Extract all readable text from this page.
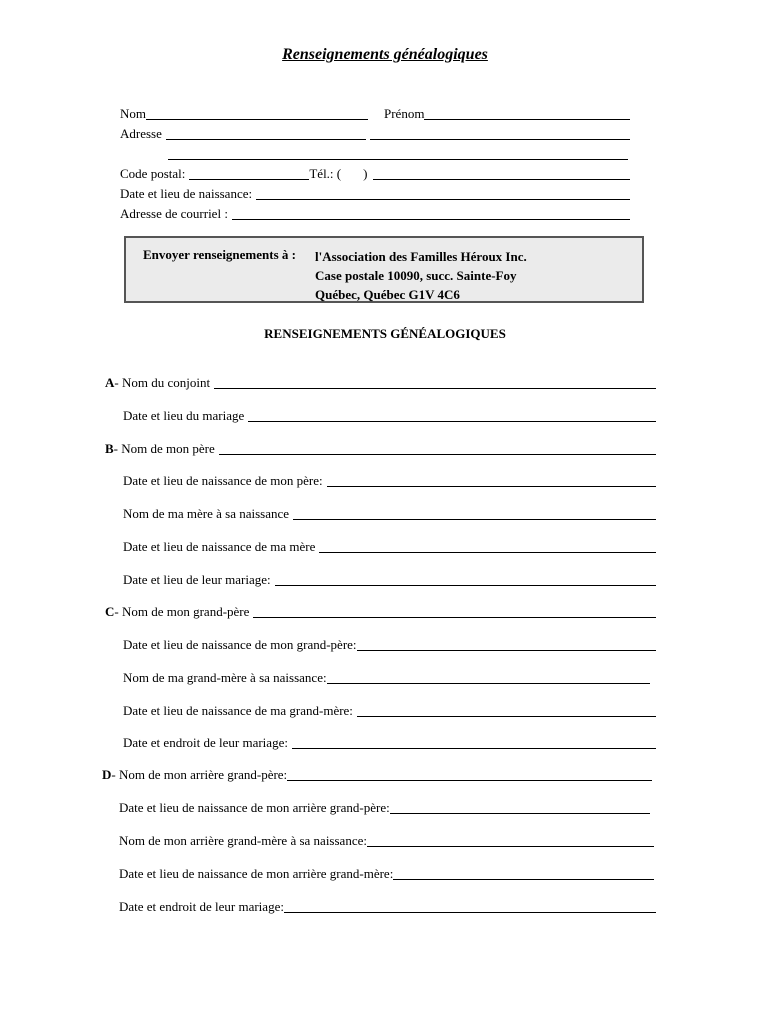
Renseignements généalogiques
Nom	Prénom
Adresse
Code postal:	Tél.: ( )
Date et lieu de naissance:
Adresse de courriel :
Envoyer renseignements à : l'Association des Familles Héroux Inc.
Case postale 10090, succ. Sainte-Foy
Québec, Québec G1V 4C6
RENSEIGNEMENTS GÉNÉALOGIQUES
A - Nom du conjoint
Date et lieu du mariage
B - Nom de mon père
Date et lieu de naissance de mon père:
Nom de ma mère à sa naissance
Date et lieu de naissance de ma mère
Date et lieu de leur mariage:
C - Nom de mon grand-père
Date et lieu de naissance de mon grand-père:
Nom de ma grand-mère à sa naissance:
Date et lieu de naissance de ma grand-mère:
Date et endroit de leur mariage:
D - Nom de mon arrière grand-père:
Date et lieu de naissance de mon arrière grand-père:
Nom de mon arrière grand-mère à sa naissance:
Date et lieu de naissance de mon arrière grand-mère:
Date et endroit de leur mariage:
